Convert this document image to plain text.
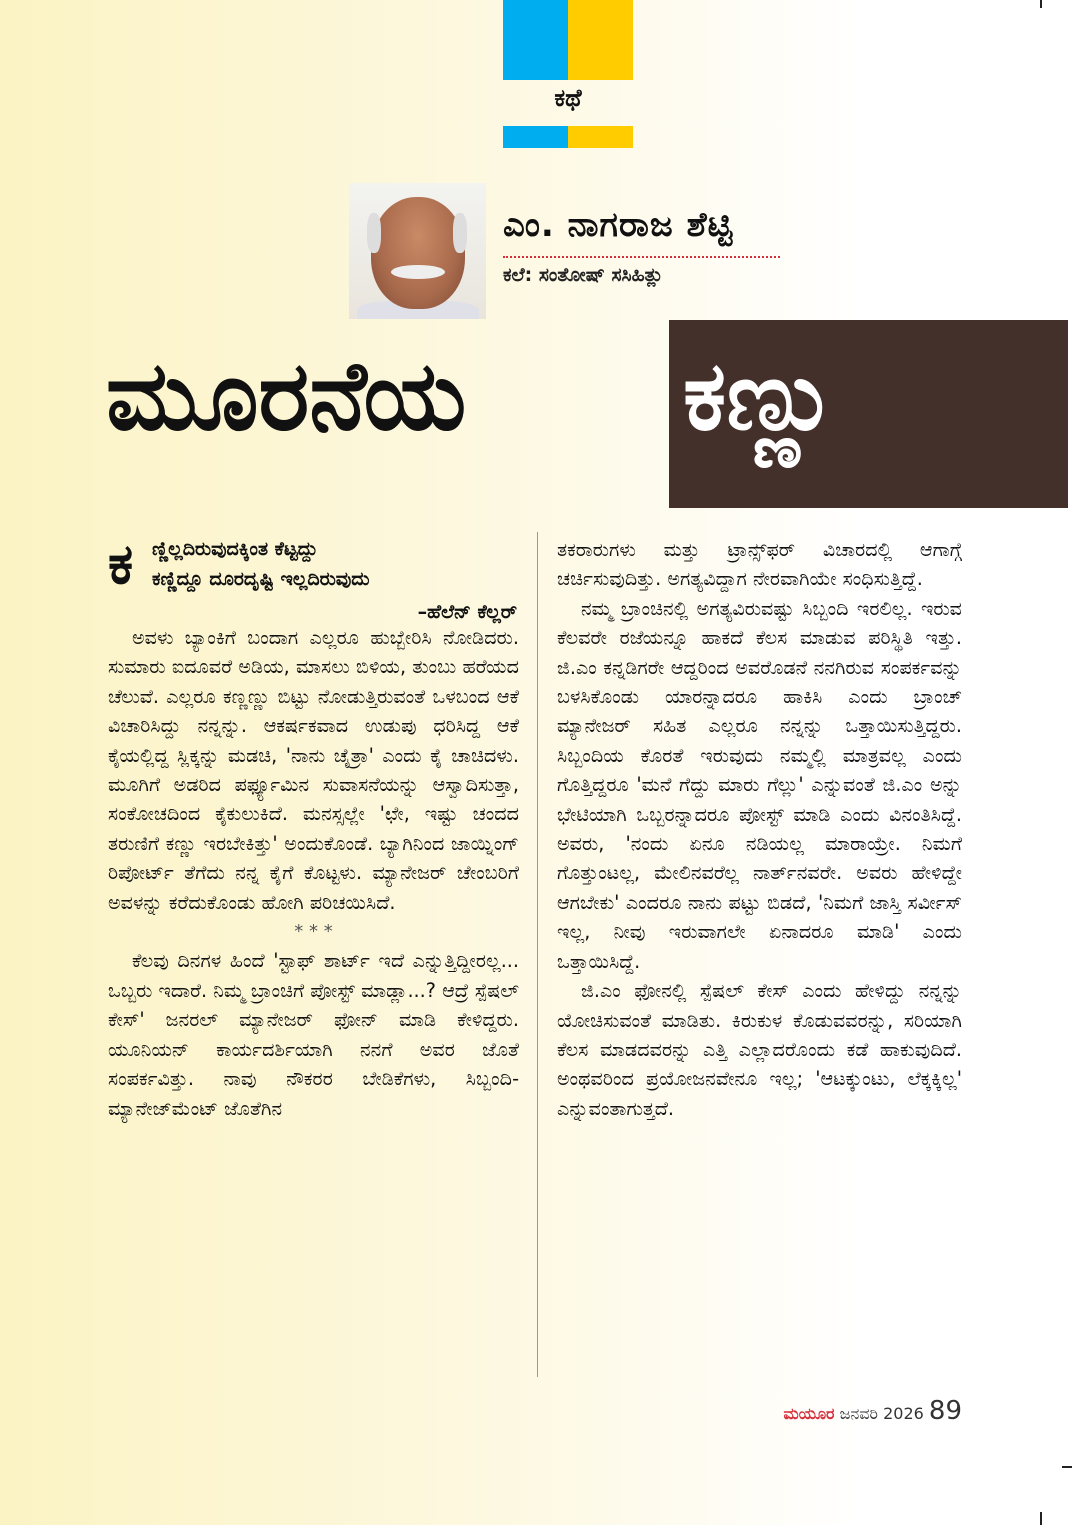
ಕಥೆ
ಎಂ. ನಾಗರಾಜ ಶೆಟ್ಟಿ
ಕಲೆ: ಸಂತೋಷ್ ಸಸಿಹಿತ್ಲು
ಮೂರನೆಯ ಕಣ್ಣು
ಕ ಣ್ಣಿಲ್ಲದಿರುವುದಕ್ಕಿಂತ ಕೆಟ್ಟದ್ದು
ಕಣ್ಣಿದ್ದೂ ದೂರದೃಷ್ಟಿ ಇಲ್ಲದಿರುವುದು
–ಹೆಲೆನ್ ಕೆಲ್ಲರ್

ಅವಳು ಬ್ಯಾಂಕಿಗೆ ಬಂದಾಗ ಎಲ್ಲರೂ ಹುಬ್ಬೇರಿಸಿ ನೋಡಿದರು. ಸುಮಾರು ಐದೂವರೆ ಅಡಿಯ, ಮಾಸಲು ಬಿಳಿಯ, ತುಂಬು ಹರೆಯದ ಚೆಲುವೆ. ಎಲ್ಲರೂ ಕಣ್ಣಣ್ಣು ಬಿಟ್ಟು ನೋಡುತ್ತಿರುವಂತೆ ಒಳಬಂದ ಆಕೆ ವಿಚಾರಿಸಿದ್ದು ನನ್ನನ್ನು. ಆಕರ್ಷಕವಾದ ಉಡುಪು ಧರಿಸಿದ್ದ ಆಕೆ ಕೈಯಲ್ಲಿದ್ದ ಸ್ಲಿಕ್ಕನ್ನು ಮಡಚಿ, 'ನಾನು ಚೈತ್ರಾ' ಎಂದು ಕೈ ಚಾಚಿದಳು. ಮೂಗಿಗೆ ಅಡರಿದ ಪರ್ಫ್ಯೂಮಿನ ಸುವಾಸನೆಯನ್ನು ಆಸ್ವಾದಿಸುತ್ತಾ, ಸಂಕೋಚದಿಂದ ಕೈಕುಲುಕಿದೆ. ಮನಸ್ಸಲ್ಲೇ 'ಛೇ, ಇಷ್ಟು ಚಂದದ ತರುಣಿಗೆ ಕಣ್ಣು ಇರಬೇಕಿತ್ತು' ಅಂದುಕೊಂಡೆ. ಬ್ಯಾಗಿನಿಂದ ಜಾಯ್ನಿಂಗ್ ರಿಪೋರ್ಟ್ ತೆಗೆದು ನನ್ನ ಕೈಗೆ ಕೊಟ್ಟಳು. ಮ್ಯಾನೇಜರ್ ಚೇಂಬರಿಗೆ ಅವಳನ್ನು ಕರೆದುಕೊಂಡು ಹೋಗಿ ಪರಿಚಯಿಸಿದೆ.

* * *

ಕೆಲವು ದಿನಗಳ ಹಿಂದೆ 'ಸ್ಟಾಫ್ ಶಾರ್ಟ್ ಇದೆ ಎನ್ನುತ್ತಿದ್ದೀರಲ್ಲ... ಒಬ್ಬರು ಇದಾರೆ. ನಿಮ್ಮ ಬ್ರಾಂಚಿಗೆ ಪೋಸ್ಟ್ ಮಾಡ್ಲಾ...? ಆದ್ರೆ ಸ್ಪೆಷಲ್ ಕೇಸ್' ಜನರಲ್ ಮ್ಯಾನೇಜರ್ ಫೋನ್ ಮಾಡಿ ಕೇಳಿದ್ದರು. ಯೂನಿಯನ್ ಕಾರ್ಯದರ್ಶಿಯಾಗಿ ನನಗೆ ಅವರ ಜೊತೆ ಸಂಪರ್ಕವಿತ್ತು. ನಾವು ನೌಕರರ ಬೇಡಿಕೆಗಳು, ಸಿಬ್ಬಂದಿ- ಮ್ಯಾನೇಜ್‌ಮೆಂಟ್ ಜೊತೆಗಿನ

ತಕರಾರುಗಳು ಮತ್ತು ಟ್ರಾನ್ಸ್‌ಫರ್ ವಿಚಾರದಲ್ಲಿ ಆಗಾಗ್ಗೆ ಚರ್ಚಿಸುವುದಿತ್ತು. ಅಗತ್ಯವಿದ್ದಾಗ ನೇರವಾಗಿಯೇ ಸಂಧಿಸುತ್ತಿದ್ದೆ.

ನಮ್ಮ ಬ್ರಾಂಚಿನಲ್ಲಿ ಅಗತ್ಯವಿರುವಷ್ಟು ಸಿಬ್ಬಂದಿ ಇರಲಿಲ್ಲ. ಇರುವ ಕೆಲವರೇ ರಜೆಯನ್ನೂ ಹಾಕದೆ ಕೆಲಸ ಮಾಡುವ ಪರಿಸ್ಥಿತಿ ಇತ್ತು. ಜಿ.ಎಂ ಕನ್ನಡಿಗರೇ ಆದ್ದರಿಂದ ಅವರೊಡನೆ ನನಗಿರುವ ಸಂಪರ್ಕವನ್ನು ಬಳಸಿಕೊಂಡು ಯಾರನ್ನಾದರೂ ಹಾಕಿಸಿ ಎಂದು ಬ್ರಾಂಚ್ ಮ್ಯಾನೇಜರ್ ಸಹಿತ ಎಲ್ಲರೂ ನನ್ನನ್ನು ಒತ್ತಾಯಿಸುತ್ತಿದ್ದರು. ಸಿಬ್ಬಂದಿಯ ಕೊರತೆ ಇರುವುದು ನಮ್ಮಲ್ಲಿ ಮಾತ್ರವಲ್ಲ ಎಂದು ಗೊತ್ತಿದ್ದರೂ 'ಮನೆ ಗೆದ್ದು ಮಾರು ಗೆಲ್ಲು' ಎನ್ನುವಂತೆ ಜಿ.ಎಂ ಅನ್ನು ಭೇಟಿಯಾಗಿ ಒಬ್ಬರನ್ನಾದರೂ ಪೋಸ್ಟ್ ಮಾಡಿ ಎಂದು ವಿನಂತಿಸಿದ್ದೆ. ಅವರು, 'ನಂದು ಏನೂ ನಡಿಯಲ್ಲ ಮಾರಾಯ್ರೇ. ನಿಮಗೆ ಗೊತ್ತುಂಟಲ್ಲ, ಮೇಲಿನವರೆಲ್ಲ ನಾರ್ತ್‌ನವರೇ. ಅವರು ಹೇಳಿದ್ದೇ ಆಗಬೇಕು' ಎಂದರೂ ನಾನು ಪಟ್ಟು ಬಿಡದೆ, 'ನಿಮಗೆ ಜಾಸ್ತಿ ಸರ್ವೀಸ್ ಇಲ್ಲ, ನೀವು ಇರುವಾಗಲೇ ಏನಾದರೂ ಮಾಡಿ' ಎಂದು ಒತ್ತಾಯಿಸಿದ್ದೆ.

ಜಿ.ಎಂ ಫೋನಲ್ಲಿ ಸ್ಪೆಷಲ್ ಕೇಸ್ ಎಂದು ಹೇಳಿದ್ದು ನನ್ನನ್ನು ಯೋಚಿಸುವಂತೆ ಮಾಡಿತು. ಕಿರುಕುಳ ಕೊಡುವವರನ್ನು, ಸರಿಯಾಗಿ ಕೆಲಸ ಮಾಡದವರನ್ನು ಎತ್ತಿ ಎಲ್ಲಾದರೊಂದು ಕಡೆ ಹಾಕುವುದಿದೆ. ಅಂಥವರಿಂದ ಪ್ರಯೋಜನವೇನೂ ಇಲ್ಲ; 'ಆಟಕ್ಕುಂಟು, ಲೆಕ್ಕಕ್ಕಿಲ್ಲ' ಎನ್ನುವಂತಾಗುತ್ತದೆ.

ಮಯೂರ ಜನವರಿ 2026 89
